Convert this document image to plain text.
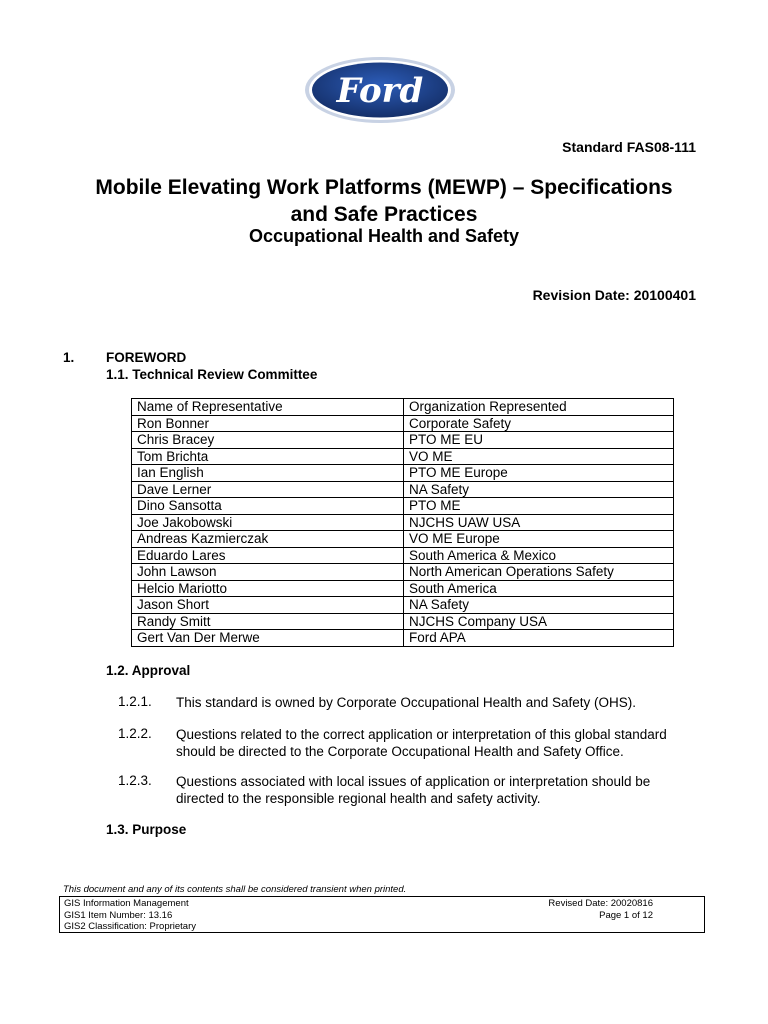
Ford
Standard FAS08-111
Mobile Elevating Work Platforms (MEWP) – Specifications
and Safe Practices
Occupational Health and Safety
Revision Date: 20100401
1. FOREWORD
1.1. Technical Review Committee
Name of Representative	Organization Represented
Ron Bonner	Corporate Safety
Chris Bracey	PTO ME EU
Tom Brichta	VO ME
Ian English	PTO ME Europe
Dave Lerner	NA Safety
Dino Sansotta	PTO ME
Joe Jakobowski	NJCHS UAW USA
Andreas Kazmierczak	VO ME Europe
Eduardo Lares	South America & Mexico
John Lawson	North American Operations Safety
Helcio Mariotto	South America
Jason Short	NA Safety
Randy Smitt	NJCHS Company USA
Gert Van Der Merwe	Ford APA
1.2. Approval
1.2.1. This standard is owned by Corporate Occupational Health and Safety (OHS).
1.2.2. Questions related to the correct application or interpretation of this global standard
should be directed to the Corporate Occupational Health and Safety Office.
1.2.3. Questions associated with local issues of application or interpretation should be
directed to the responsible regional health and safety activity.
1.3. Purpose
This document and any of its contents shall be considered transient when printed.
GIS Information Management
GIS1 Item Number: 13.16
GIS2 Classification: Proprietary
Revised Date: 20020816
Page 1 of 12
